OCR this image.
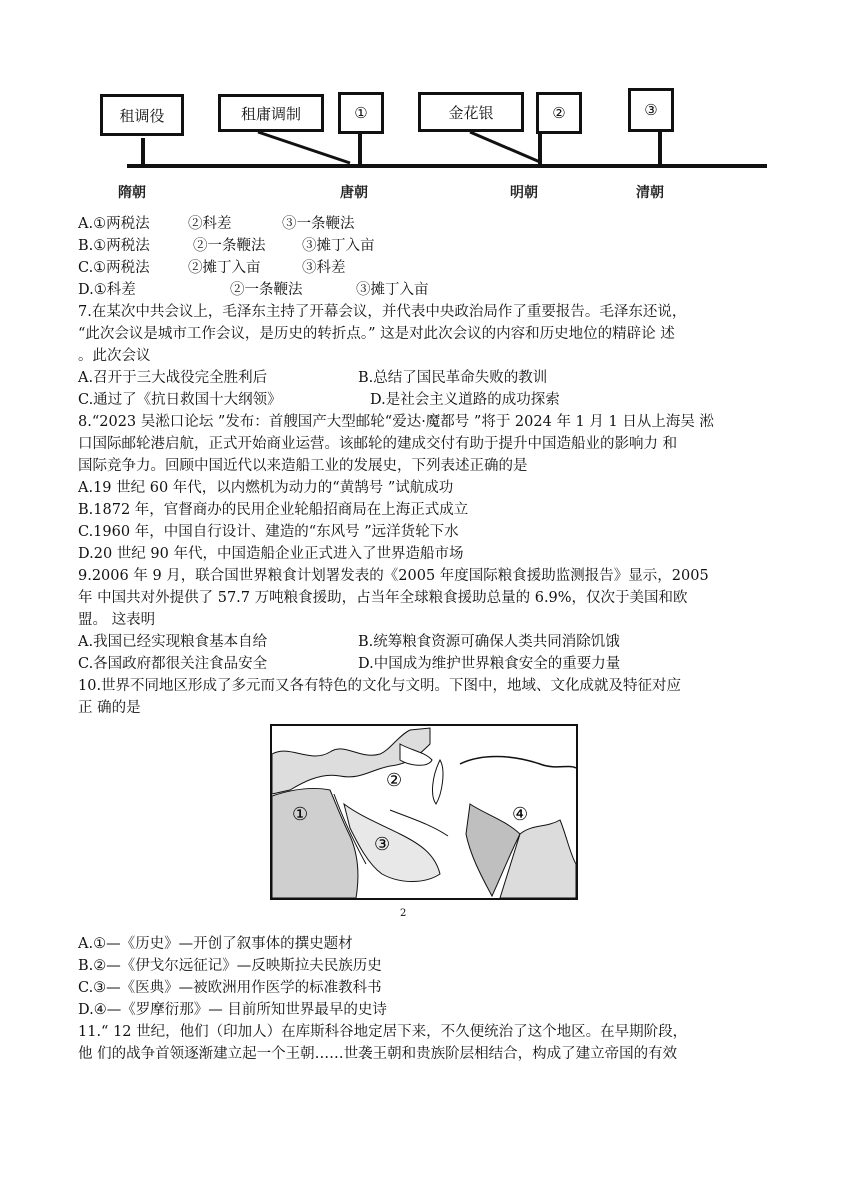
租调役	租庸调制	①	金花银	②	③
隋朝	唐朝	明朝	清朝
A.①两税法	②科差	③一条鞭法
B.①两税法	②一条鞭法	③摊丁入亩
C.①两税法	②摊丁入亩	③科差
D.①科差	②一条鞭法	③摊丁入亩
7.在某次中共会议上，毛泽东主持了开幕会议，并代表中央政治局作了重要报告。毛泽东还说，
“此次会议是城市工作会议，是历史的转折点。” 这是对此次会议的内容和历史地位的精辟论 述
。此次会议
A.召开于三大战役完全胜利后	B.总结了国民革命失败的教训
C.通过了《抗日救国十大纲领》	D.是社会主义道路的成功探索
8.“2023 吴淞口论坛 ”发布：首艘国产大型邮轮“爱达·魔都号 ”将于 2024 年 1 月 1 日从上海吴 淞
口国际邮轮港启航，正式开始商业运营。该邮轮的建成交付有助于提升中国造船业的影响力 和
国际竞争力。回顾中国近代以来造船工业的发展史，下列表述正确的是
A.19 世纪 60 年代，以内燃机为动力的“黄鹄号 ”试航成功
B.1872 年，官督商办的民用企业轮船招商局在上海正式成立
C.1960 年，中国自行设计、建造的“东风号 ”远洋货轮下水
D.20 世纪 90 年代，中国造船企业正式进入了世界造船市场
9.2006 年 9 月，联合国世界粮食计划署发表的《2005 年度国际粮食援助监测报告》显示，2005
年 中国共对外提供了 57.7 万吨粮食援助，占当年全球粮食援助总量的 6.9%，仅次于美国和欧
盟。 这表明
A.我国已经实现粮食基本自给	B.统筹粮食资源可确保人类共同消除饥饿
C.各国政府都很关注食品安全	D.中国成为维护世界粮食安全的重要力量
10.世界不同地区形成了多元而又各有特色的文化与文明。下图中，地域、文化成就及特征对应
正 确的是
①
②
③
④
2
A.①—《历史》—开创了叙事体的撰史题材
B.②—《伊戈尔远征记》—反映斯拉夫民族历史
C.③—《医典》—被欧洲用作医学的标准教科书
D.④—《罗摩衍那》— 目前所知世界最早的史诗
11.“ 12 世纪，他们（印加人）在库斯科谷地定居下来，不久便统治了这个地区。在早期阶段，
他 们的战争首领逐渐建立起一个王朝……世袭王朝和贵族阶层相结合，构成了建立帝国的有效
